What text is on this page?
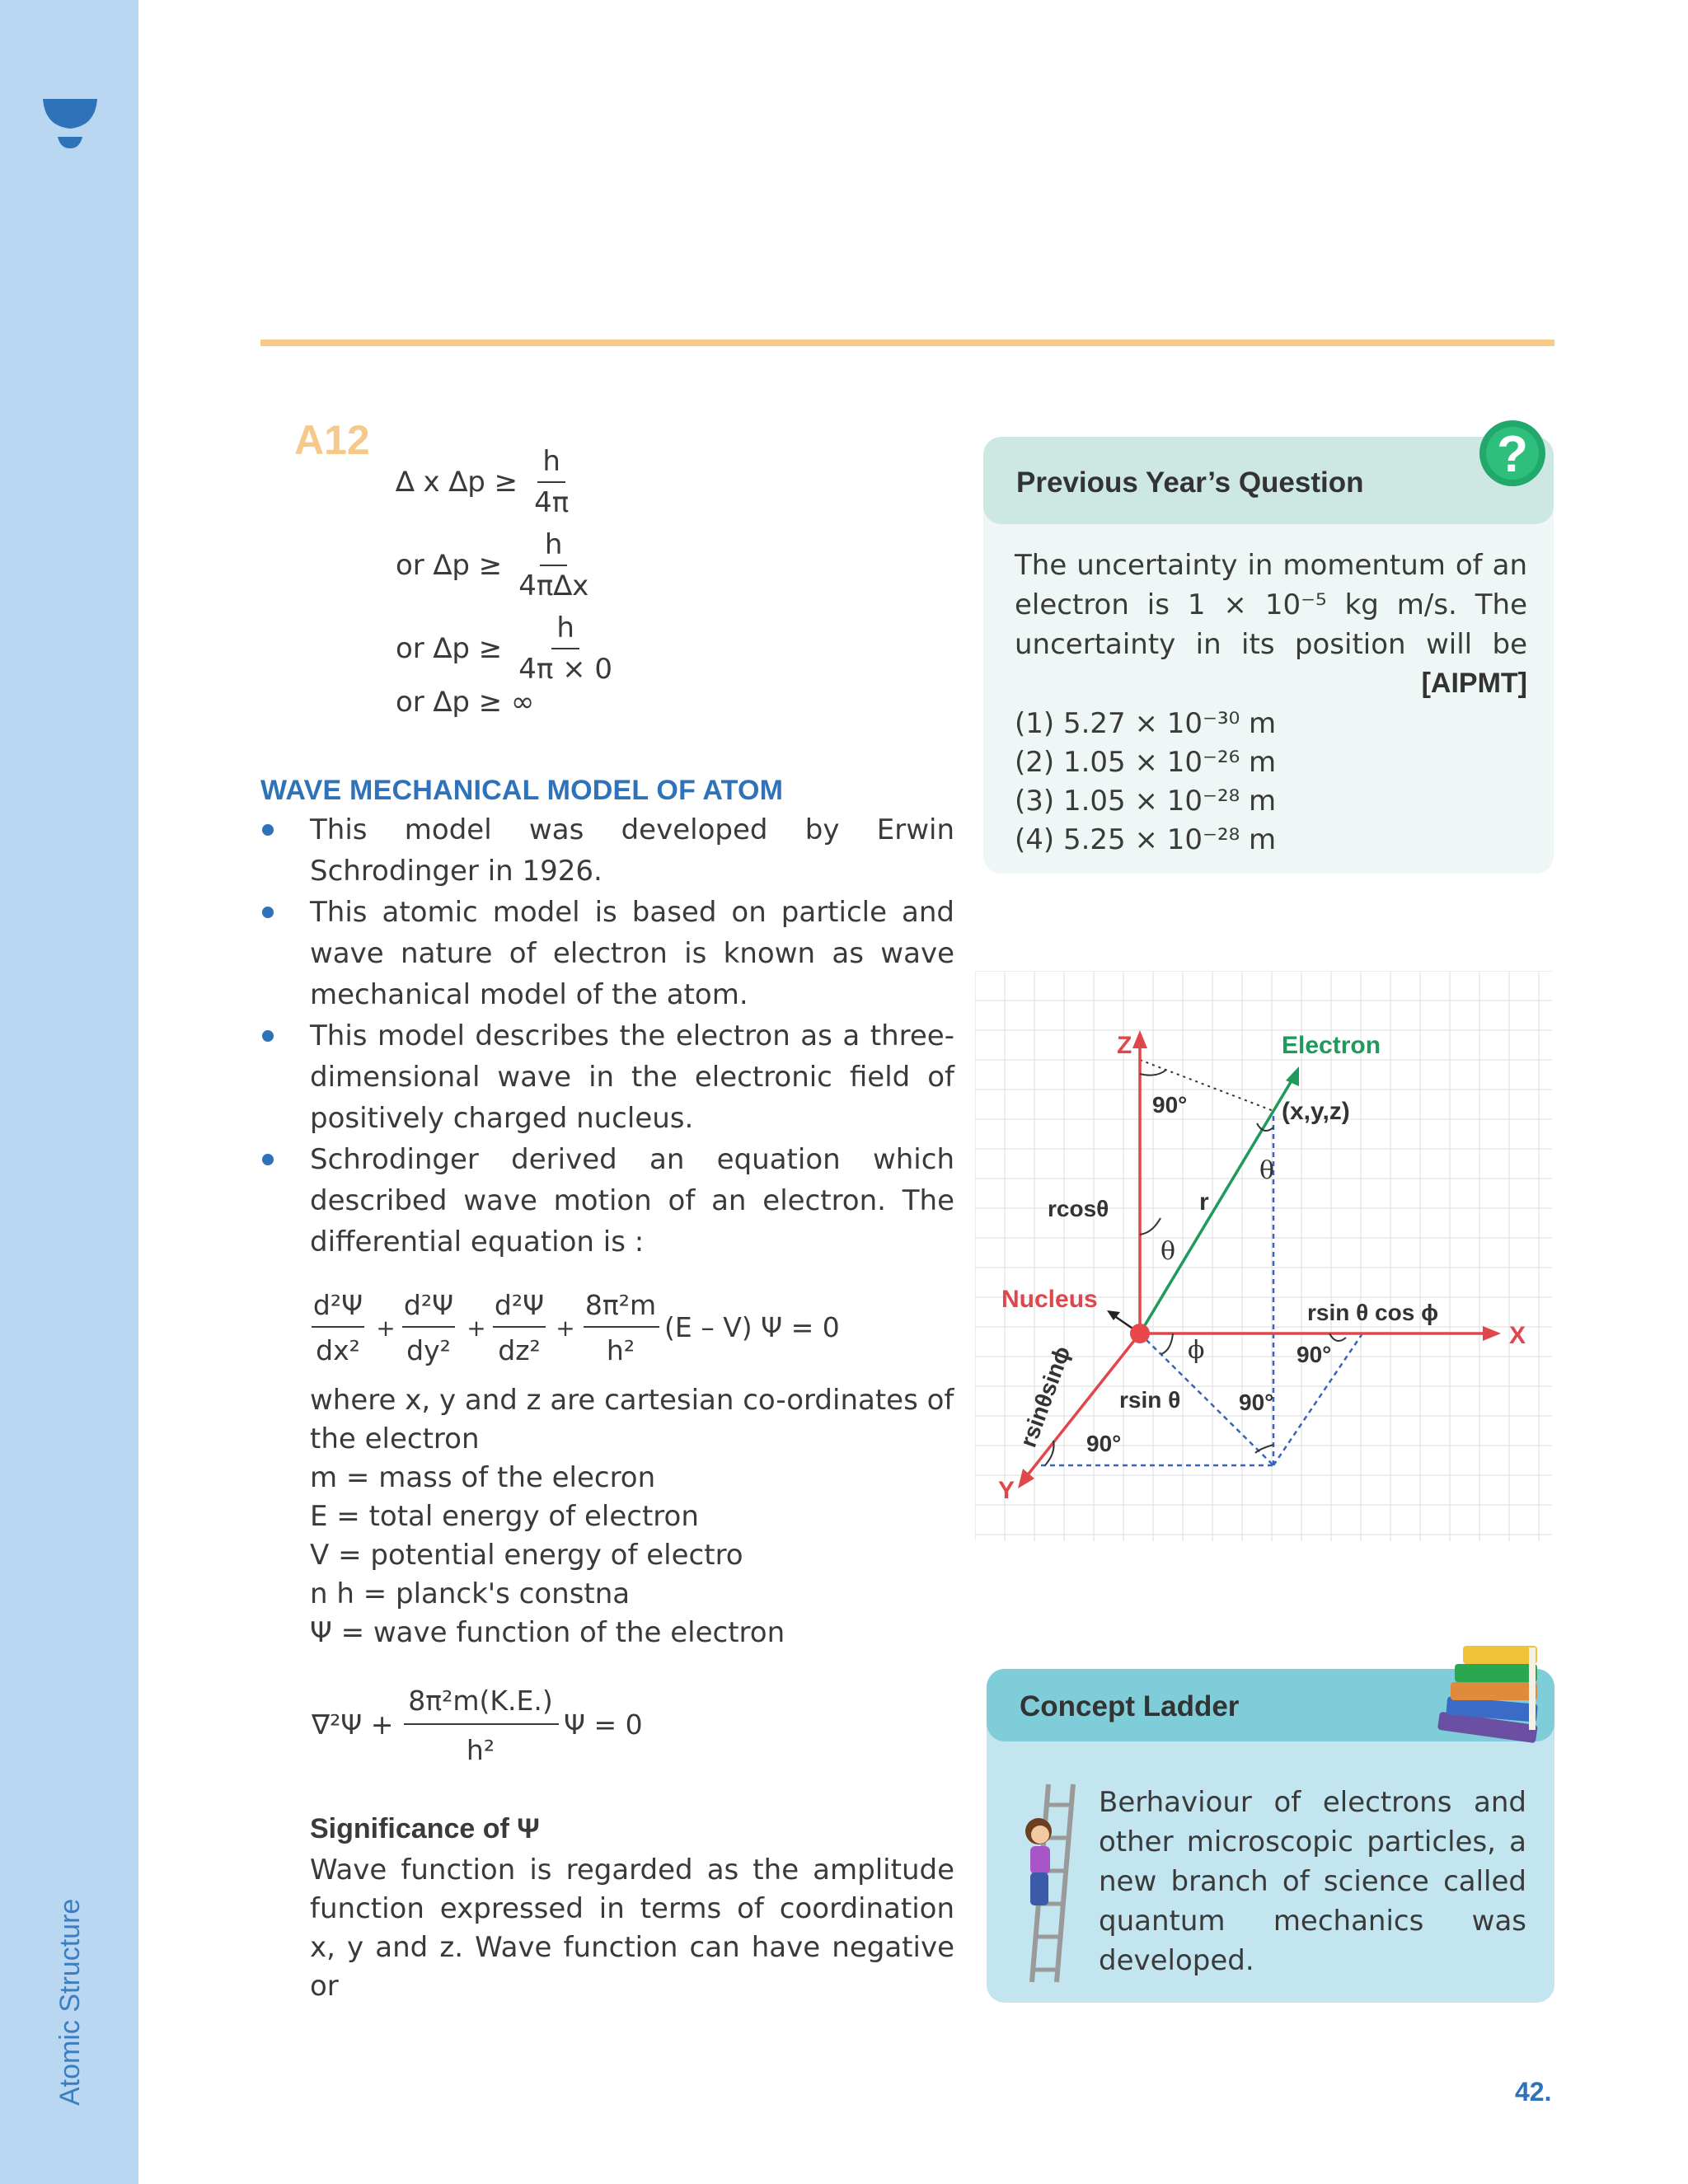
Atomic Structure
A12
∆ x $\Delta p \ge \frac{h}{4\pi}$
or $\Delta p \ge \frac{h}{4\pi\Delta x}$
or $\Delta p \ge \frac{h}{4\pi \times 0}$
or ∆p ≥ ∞
WAVE MECHANICAL MODEL OF ATOM
This model was developed by Erwin Schrodinger in 1926.
This atomic model is based on particle and wave nature of electron is known as wave mechanical model of the atom.
This model describes the electron as a three-dimensional wave in the electronic field of positively charged nucleus.
Schrodinger derived an equation which described wave motion of an electron. The differential equation is :
d²Ψ
dx²
+
d²Ψ
dy²
+
d²Ψ
dz²
+
8π²m
h²
(E – V) Ψ = 0
where x, y and z are cartesian co-ordinates of
the electron
m = mass of the elecron
E = total energy of electron
V = potential energy of electro
n h = planck's constna
Ψ = wave function of the electron
∇²Ψ +
8π²m(K.E.)
h²
Ψ = 0
Significance of Ψ
Wave function is regarded as the amplitude function expressed in terms of coordination x, y and z. Wave function can have negative or
Previous Year’s Question
The uncertainty in momentum of an electron is 1 × 10⁻⁵ kg m/s. The uncertainty in its position will be
[AIPMT]
(1) 5.27 × 10⁻³⁰ m
(2) 1.05 × 10⁻²⁶ m
(3) 1.05 × 10⁻²⁸ m
(4) 5.25 × 10⁻²⁸ m
?
Z
X
Y
Electron
(x,y,z)
Nucleus
r
rcosθ
rsin θ
rsin θ cos ϕ
rsinθsinϕ
90°
90°
90°
90°
θ
θ
ϕ
Concept Ladder
Berhaviour of electrons and other microscopic particles, a new branch of science called quantum mechanics was developed.
42.
